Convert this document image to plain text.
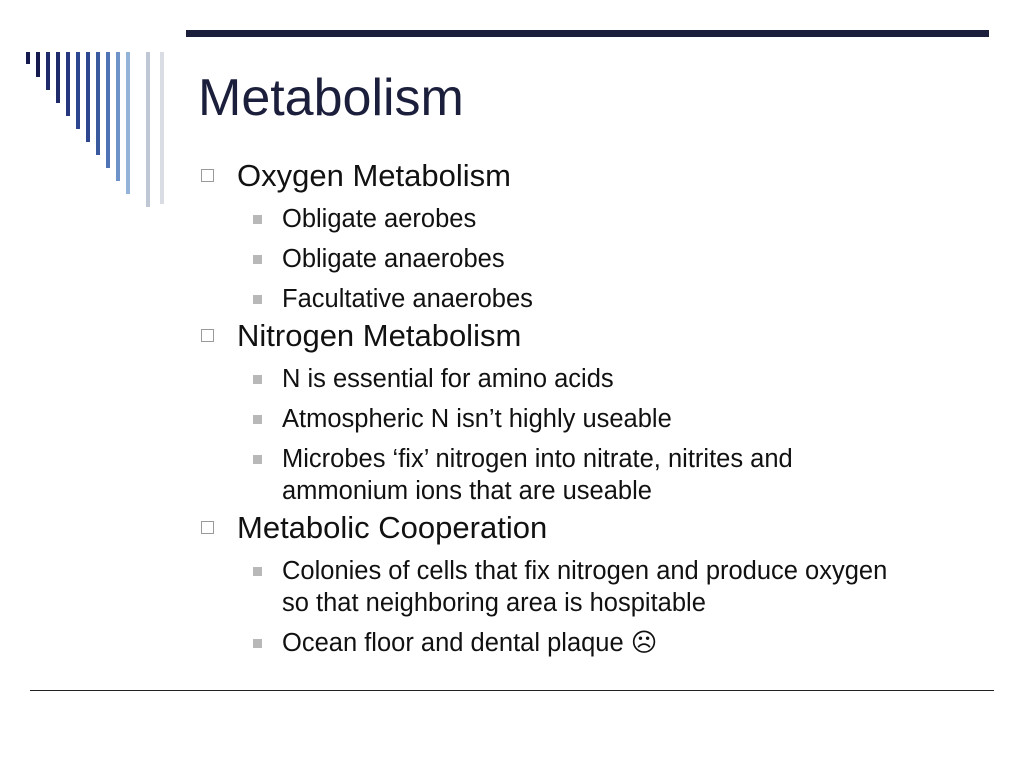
Metabolism
Oxygen Metabolism
Obligate aerobes
Obligate anaerobes
Facultative anaerobes
Nitrogen Metabolism
N is essential for amino acids
Atmospheric N isn’t highly useable
Microbes ‘fix’ nitrogen into nitrate, nitrites and ammonium ions that are useable
Metabolic Cooperation
Colonies of cells that fix nitrogen and produce oxygen so that neighboring area is hospitable
Ocean floor and dental plaque ☹
